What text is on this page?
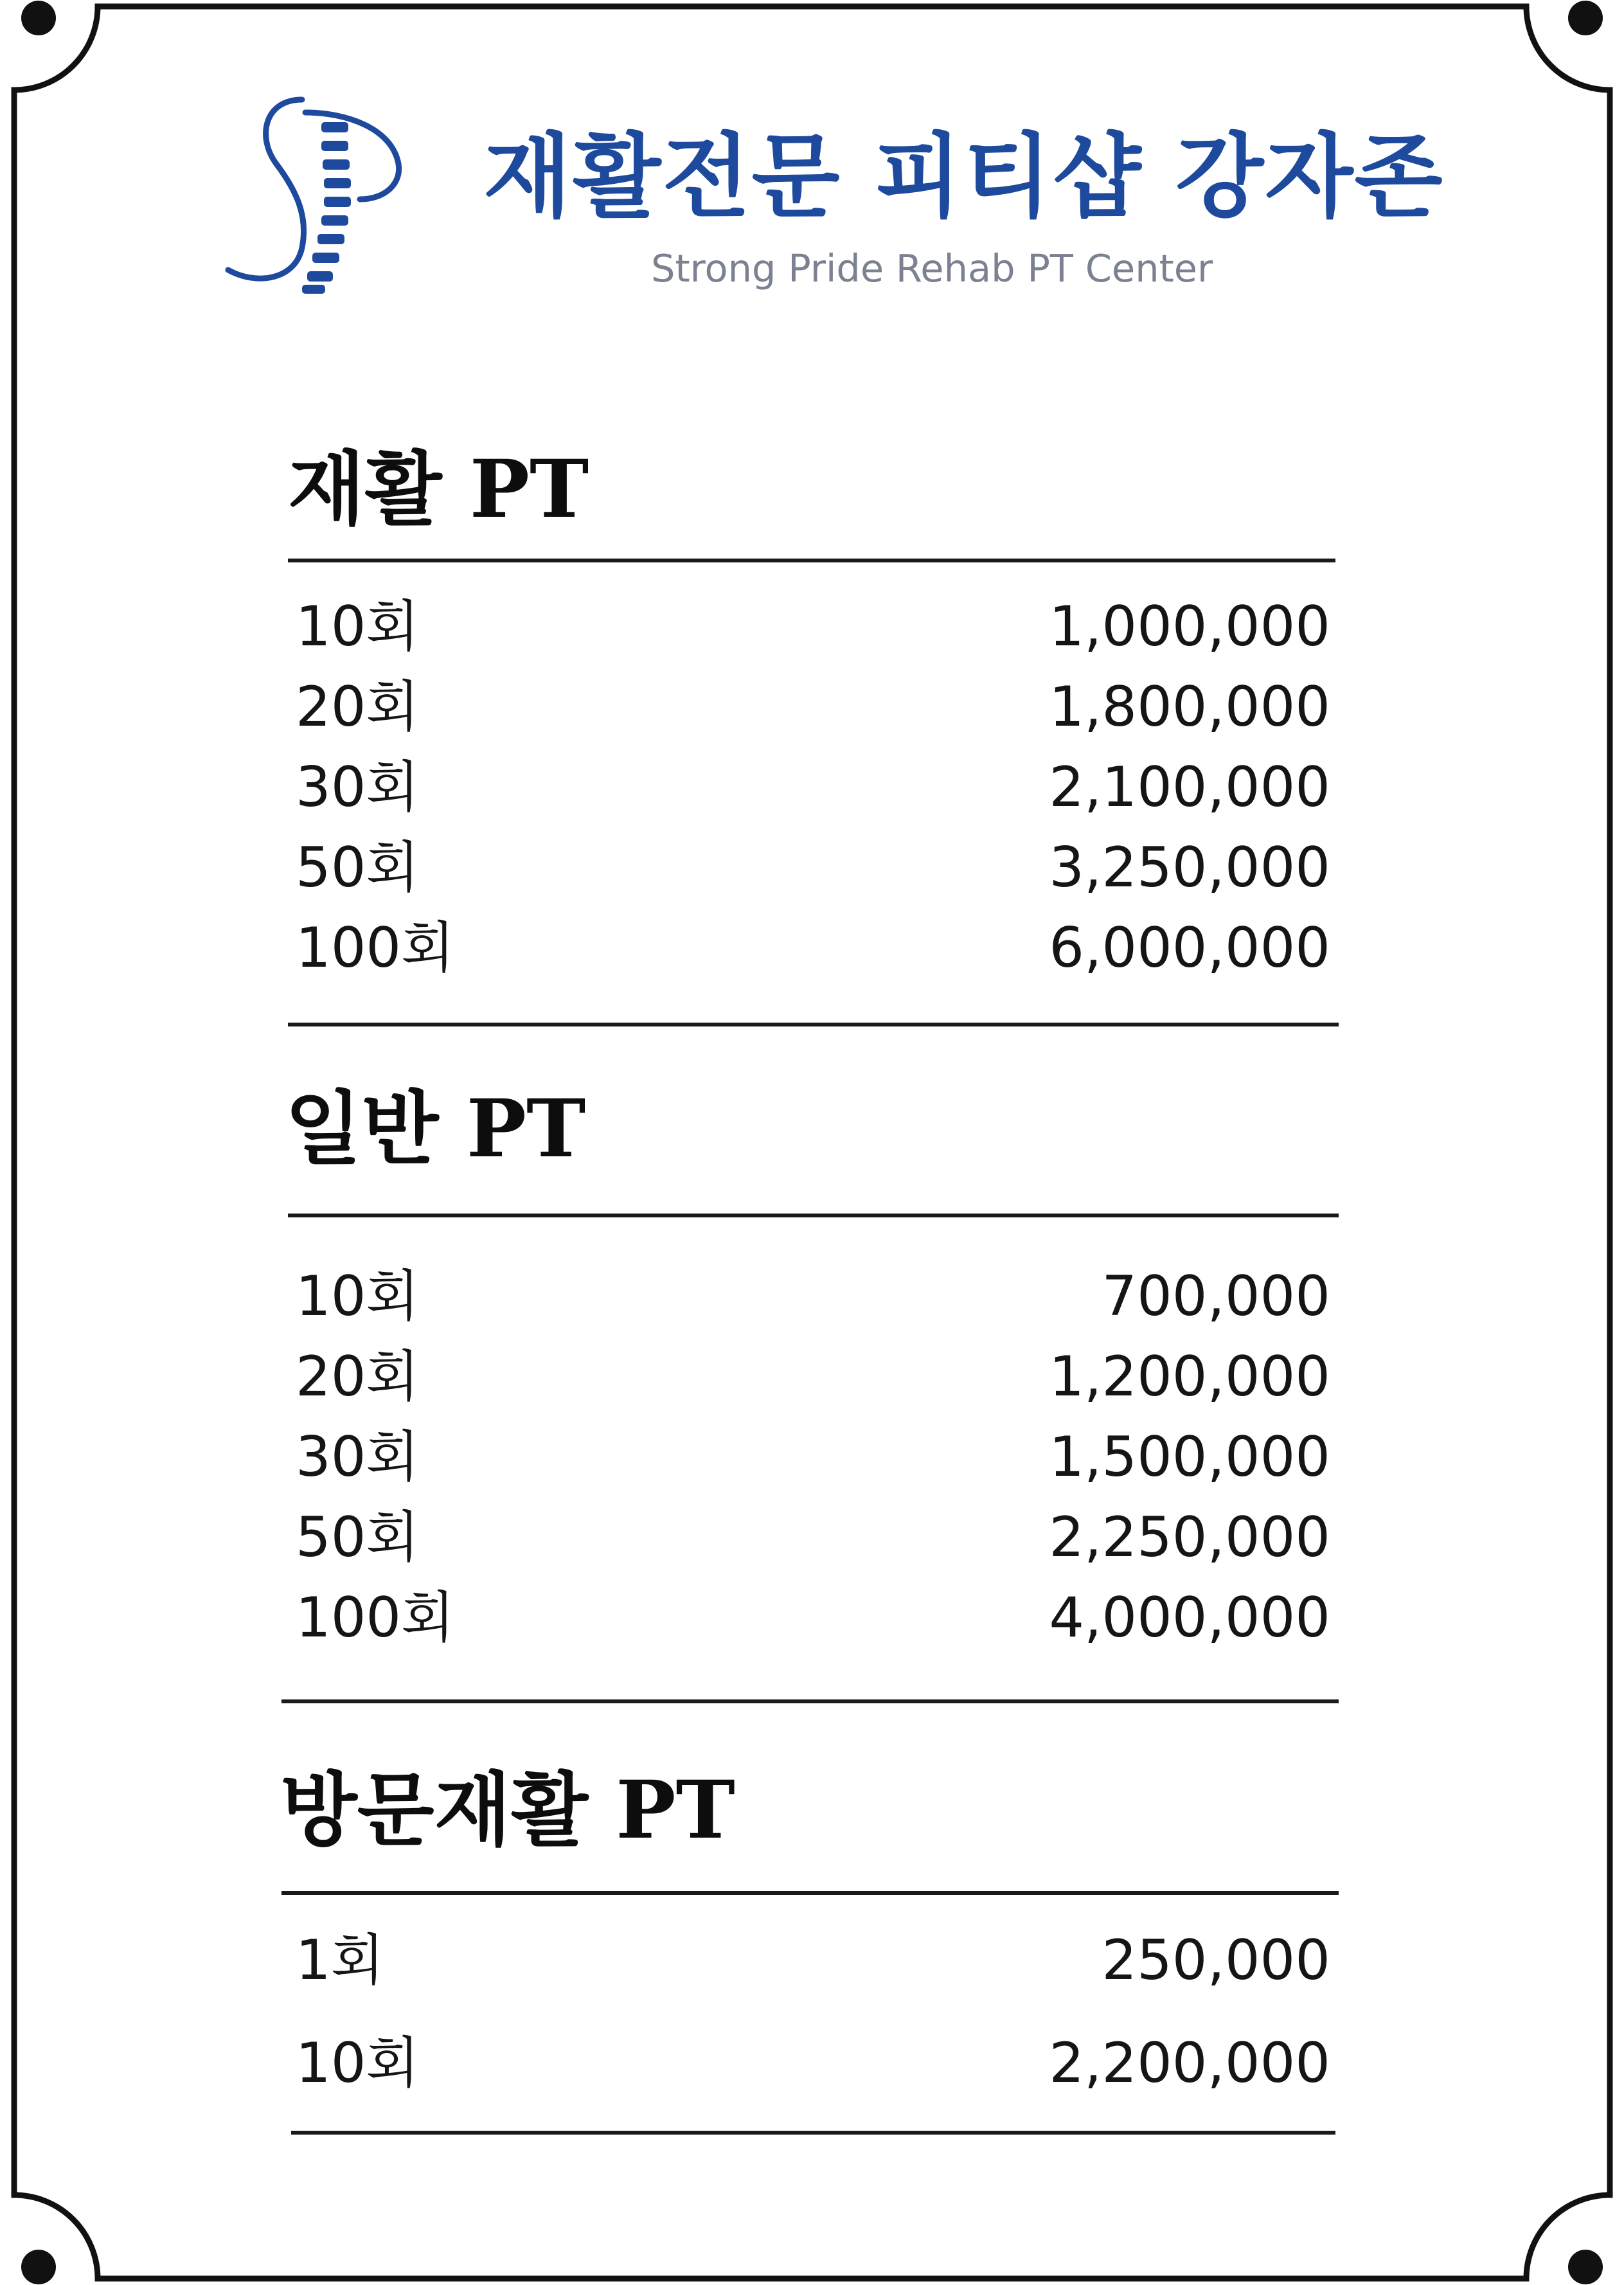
재활전문 피티샵 강자존
Strong Pride Rehab PT Center
재활 PT
10회	1,000,000
20회	1,800,000
30회	2,100,000
50회	3,250,000
100회	6,000,000
일반 PT
10회	700,000
20회	1,200,000
30회	1,500,000
50회	2,250,000
100회	4,000,000
방문재활 PT
1회	250,000
10회	2,200,000
